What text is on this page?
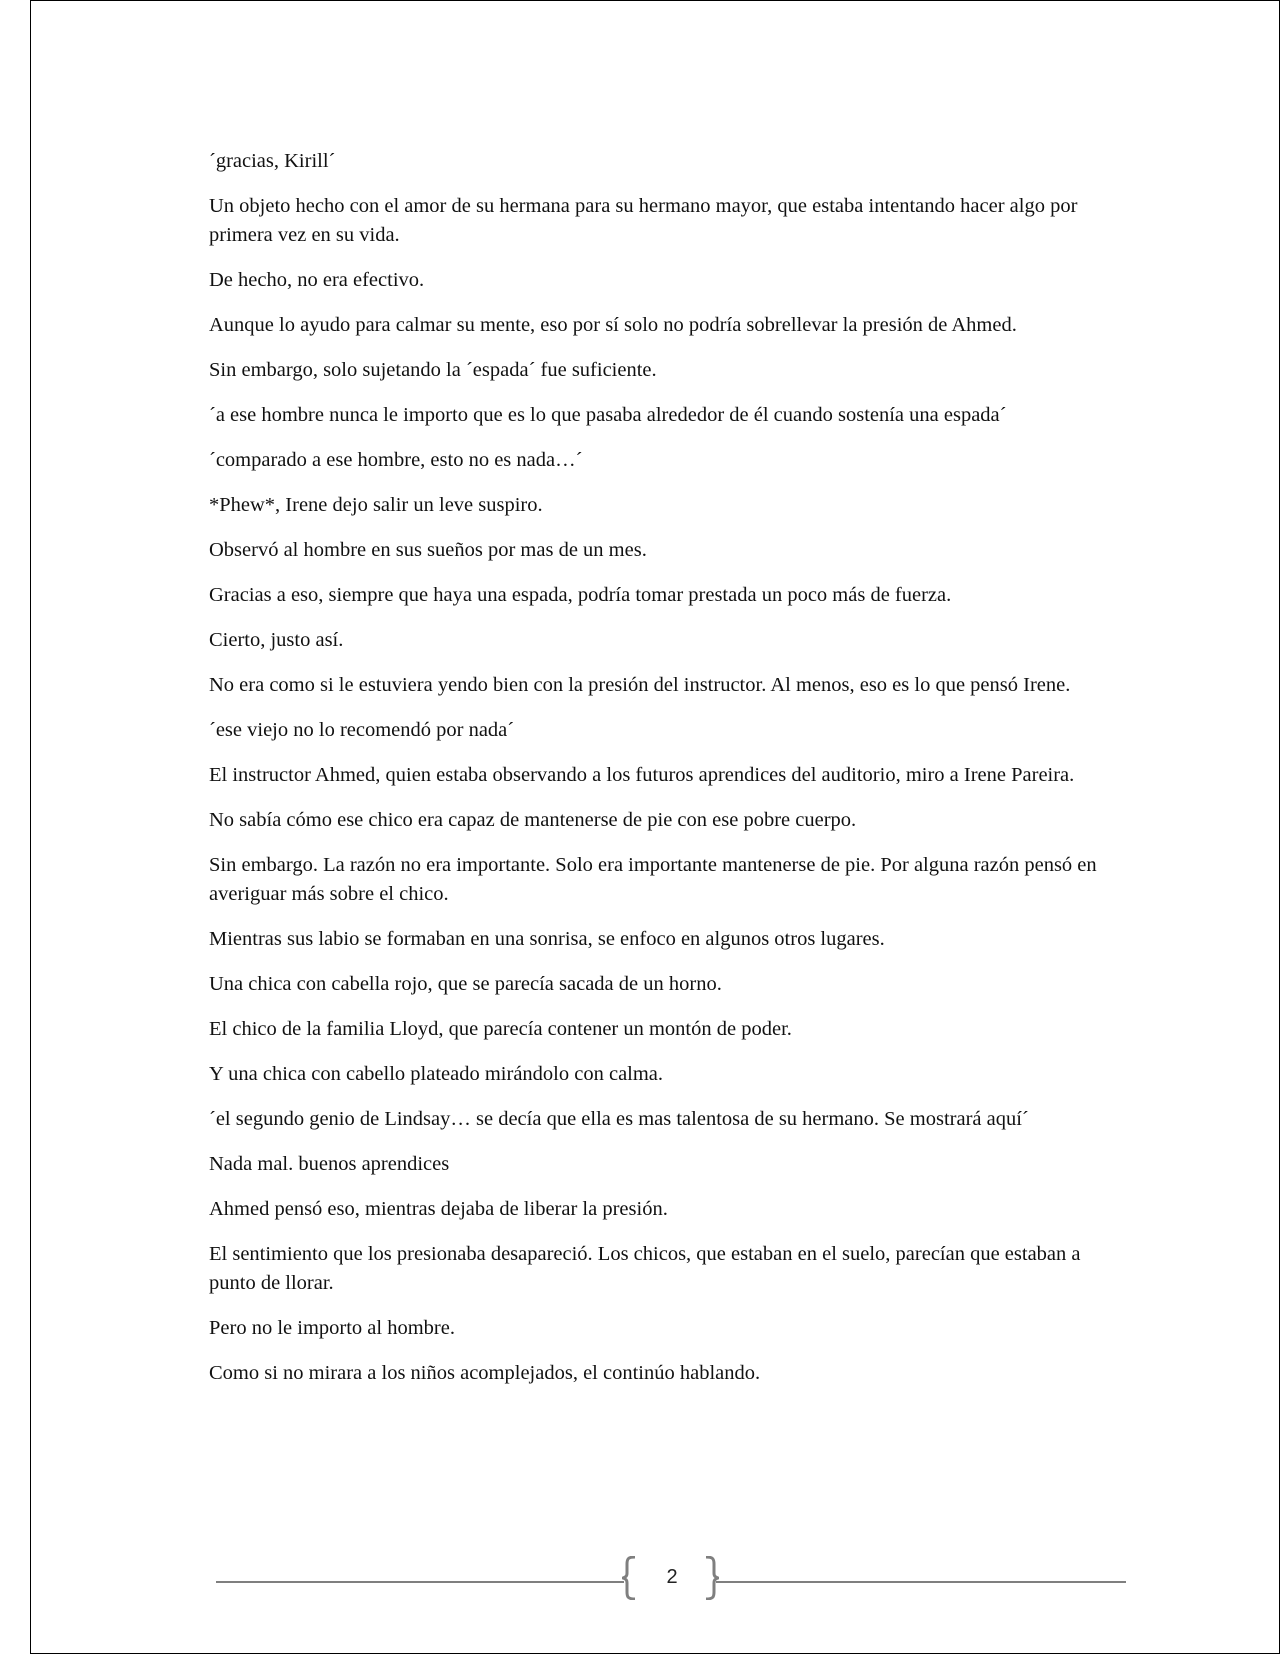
´gracias, Kirill´

Un objeto hecho con el amor de su hermana para su hermano mayor, que estaba intentando hacer algo por primera vez en su vida.

De hecho, no era efectivo.

Aunque lo ayudo para calmar su mente, eso por sí solo no podría sobrellevar la presión de Ahmed.

Sin embargo, solo sujetando la ´espada´ fue suficiente.

´a ese hombre nunca le importo que es lo que pasaba alrededor de él cuando sostenía una espada´

´comparado a ese hombre, esto no es nada…´

*Phew*, Irene dejo salir un leve suspiro.

Observó al hombre en sus sueños por mas de un mes.

Gracias a eso, siempre que haya una espada, podría tomar prestada un poco más de fuerza.

Cierto, justo así.

No era como si le estuviera yendo bien con la presión del instructor. Al menos, eso es lo que pensó Irene.

´ese viejo no lo recomendó por nada´

El instructor Ahmed, quien estaba observando a los futuros aprendices del auditorio, miro a Irene Pareira.

No sabía cómo ese chico era capaz de mantenerse de pie con ese pobre cuerpo.

Sin embargo. La razón no era importante. Solo era importante mantenerse de pie. Por alguna razón pensó en averiguar más sobre el chico.

Mientras sus labio se formaban en una sonrisa, se enfoco en algunos otros lugares.

Una chica con cabella rojo, que se parecía sacada de un horno.

El chico de la familia Lloyd, que parecía contener un montón de poder.

Y una chica con cabello plateado mirándolo con calma.

´el segundo genio de Lindsay… se decía que ella es mas talentosa de su hermano. Se mostrará aquí´

Nada mal. buenos aprendices

Ahmed pensó eso, mientras dejaba de liberar la presión.

El sentimiento que los presionaba desapareció. Los chicos, que estaban en el suelo, parecían que estaban a punto de llorar.

Pero no le importo al hombre.

Como si no mirara a los niños acomplejados, el continúo hablando.

2
